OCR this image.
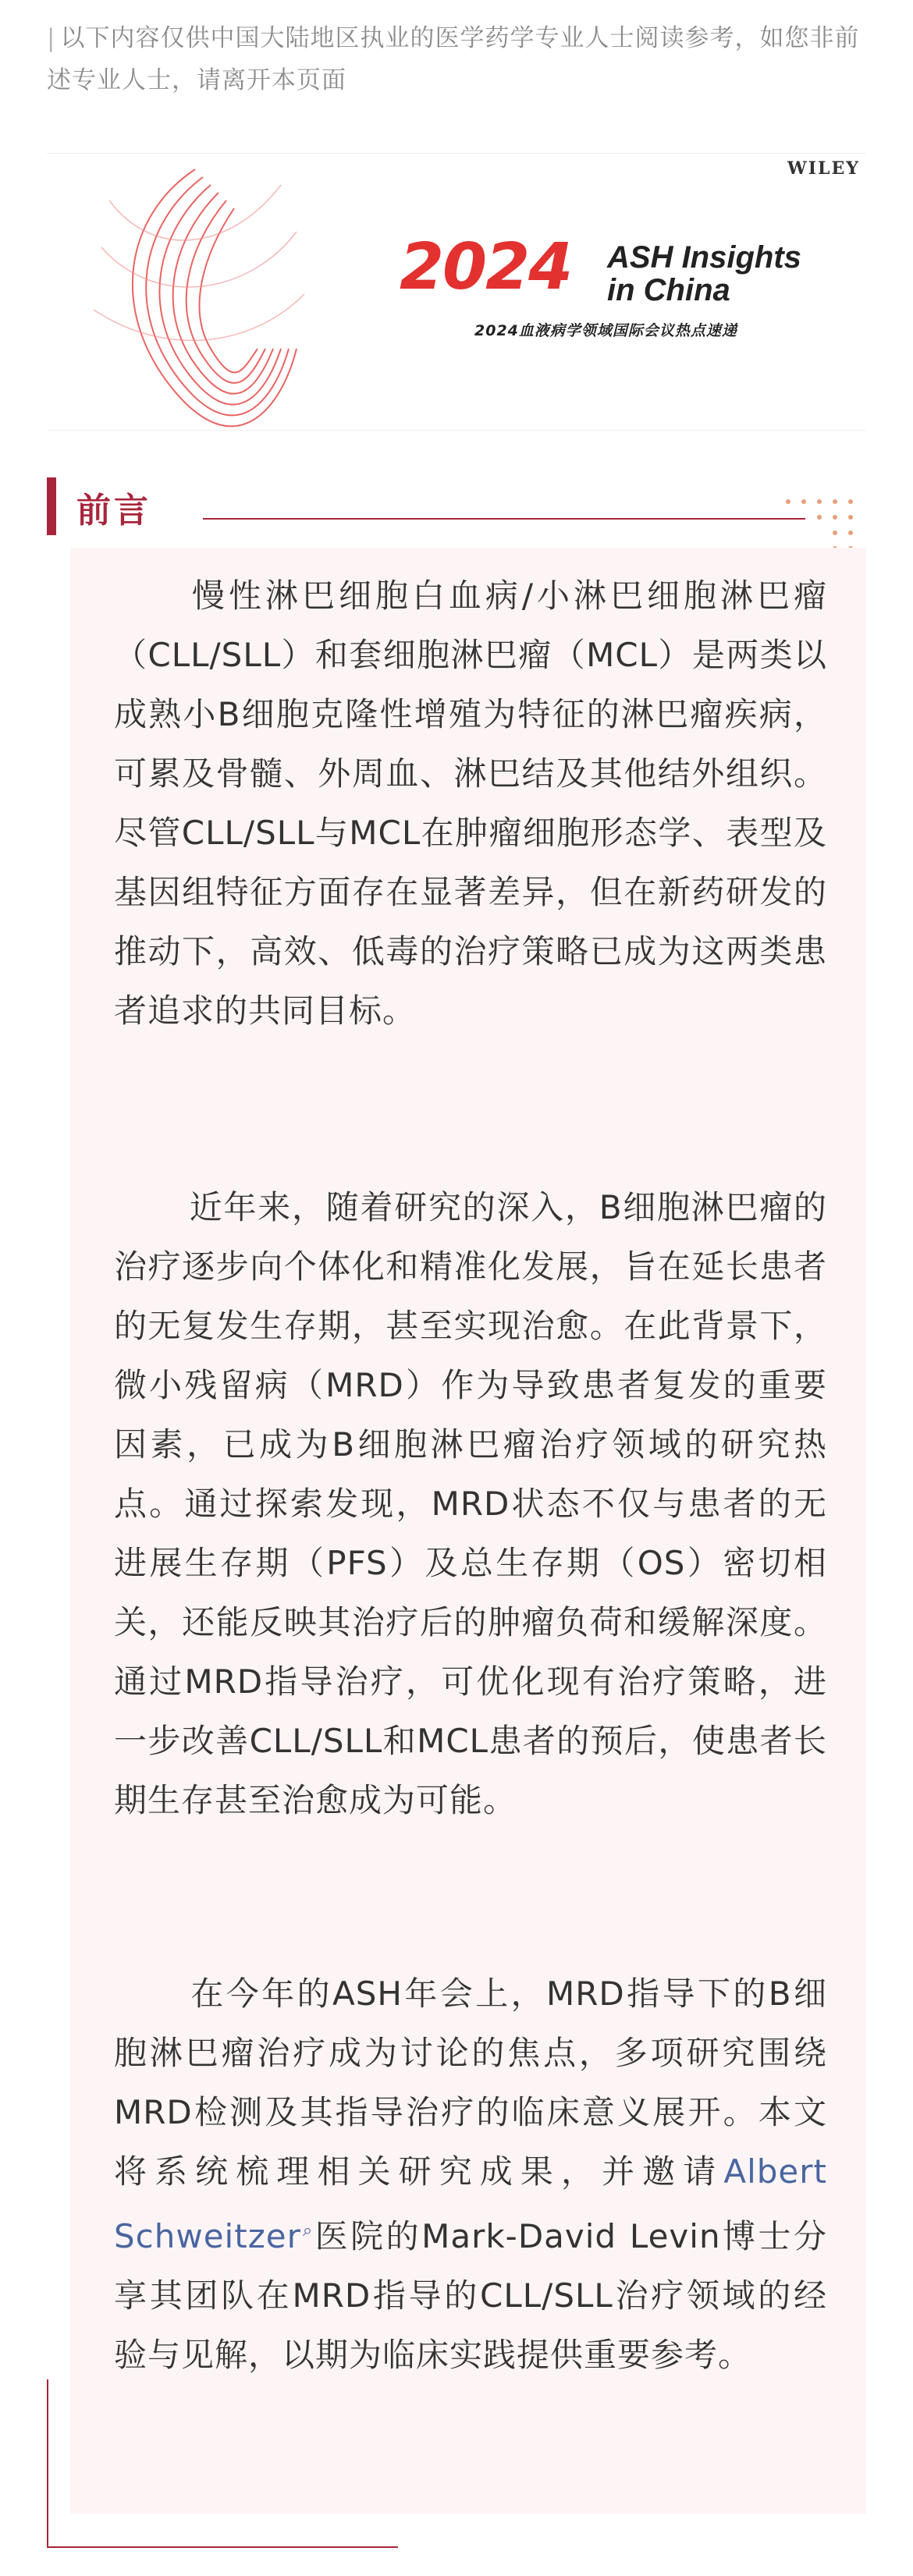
| 以下内容仅供中国大陆地区执业的医学药学专业人士阅读参考，如您非前述专业人士，请离开本页面
WILEY
2024 ASH Insights
in China
2024血液病学领域国际会议热点速递
前言

慢性淋巴细胞白血病/小淋巴细胞淋巴瘤（CLL/SLL）和套细胞淋巴瘤（MCL）是两类以成熟小B细胞克隆性增殖为特征的淋巴瘤疾病，可累及骨髓、外周血、淋巴结及其他结外组织。尽管CLL/SLL与MCL在肿瘤细胞形态学、表型及基因组特征方面存在显著差异，但在新药研发的推动下，高效、低毒的治疗策略已成为这两类患者追求的共同目标。

近年来，随着研究的深入，B细胞淋巴瘤的治疗逐步向个体化和精准化发展，旨在延长患者的无复发生存期，甚至实现治愈。在此背景下，微小残留病（MRD）作为导致患者复发的重要因素，已成为B细胞淋巴瘤治疗领域的研究热点。通过探索发现，MRD状态不仅与患者的无进展生存期（PFS）及总生存期（OS）密切相关，还能反映其治疗后的肿瘤负荷和缓解深度。通过MRD指导治疗，可优化现有治疗策略，进一步改善CLL/SLL和MCL患者的预后，使患者长期生存甚至治愈成为可能。

在今年的ASH年会上，MRD指导下的B细胞淋巴瘤治疗成为讨论的焦点，多项研究围绕MRD检测及其指导治疗的临床意义展开。本文将系统梳理相关研究成果，并邀请Albert Schweitzer⌕医院的Mark-David Levin博士分享其团队在MRD指导的CLL/SLL治疗领域的经验与见解，以期为临床实践提供重要参考。
